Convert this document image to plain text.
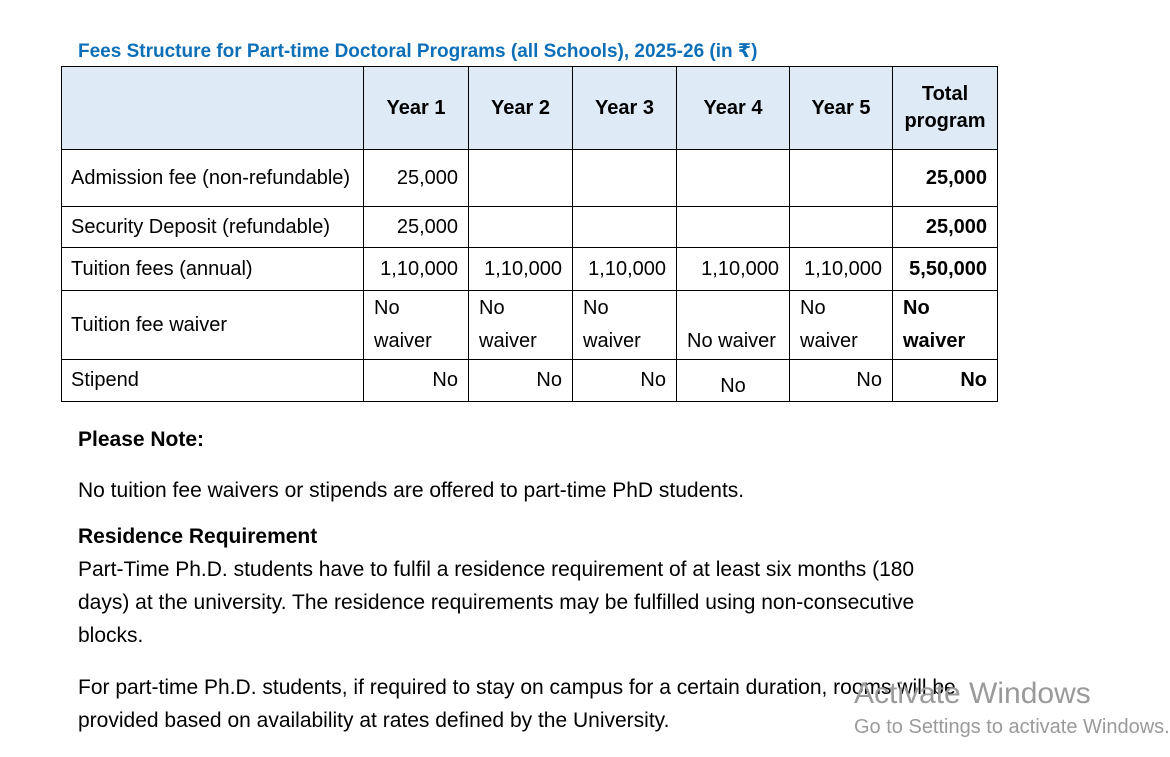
Fees Structure for Part-time Doctoral Programs (all Schools), 2025-26 (in ₹)
	Year 1	Year 2	Year 3	Year 4	Year 5	Total program
Admission fee (non-refundable)	25,000					25,000
Security Deposit (refundable)	25,000					25,000
Tuition fees (annual)	1,10,000	1,10,000	1,10,000	1,10,000	1,10,000	5,50,000
Tuition fee waiver	No waiver	No waiver	No waiver	No waiver	No waiver	No waiver
Stipend	No	No	No	No	No	No
Please Note:
No tuition fee waivers or stipends are offered to part-time PhD students.
Residence Requirement
Part-Time Ph.D. students have to fulfil a residence requirement of at least six months (180 days) at the university. The residence requirements may be fulfilled using non-consecutive blocks.
For part-time Ph.D. students, if required to stay on campus for a certain duration, rooms will be provided based on availability at rates defined by the University.
Activate Windows
Go to Settings to activate Windows.
